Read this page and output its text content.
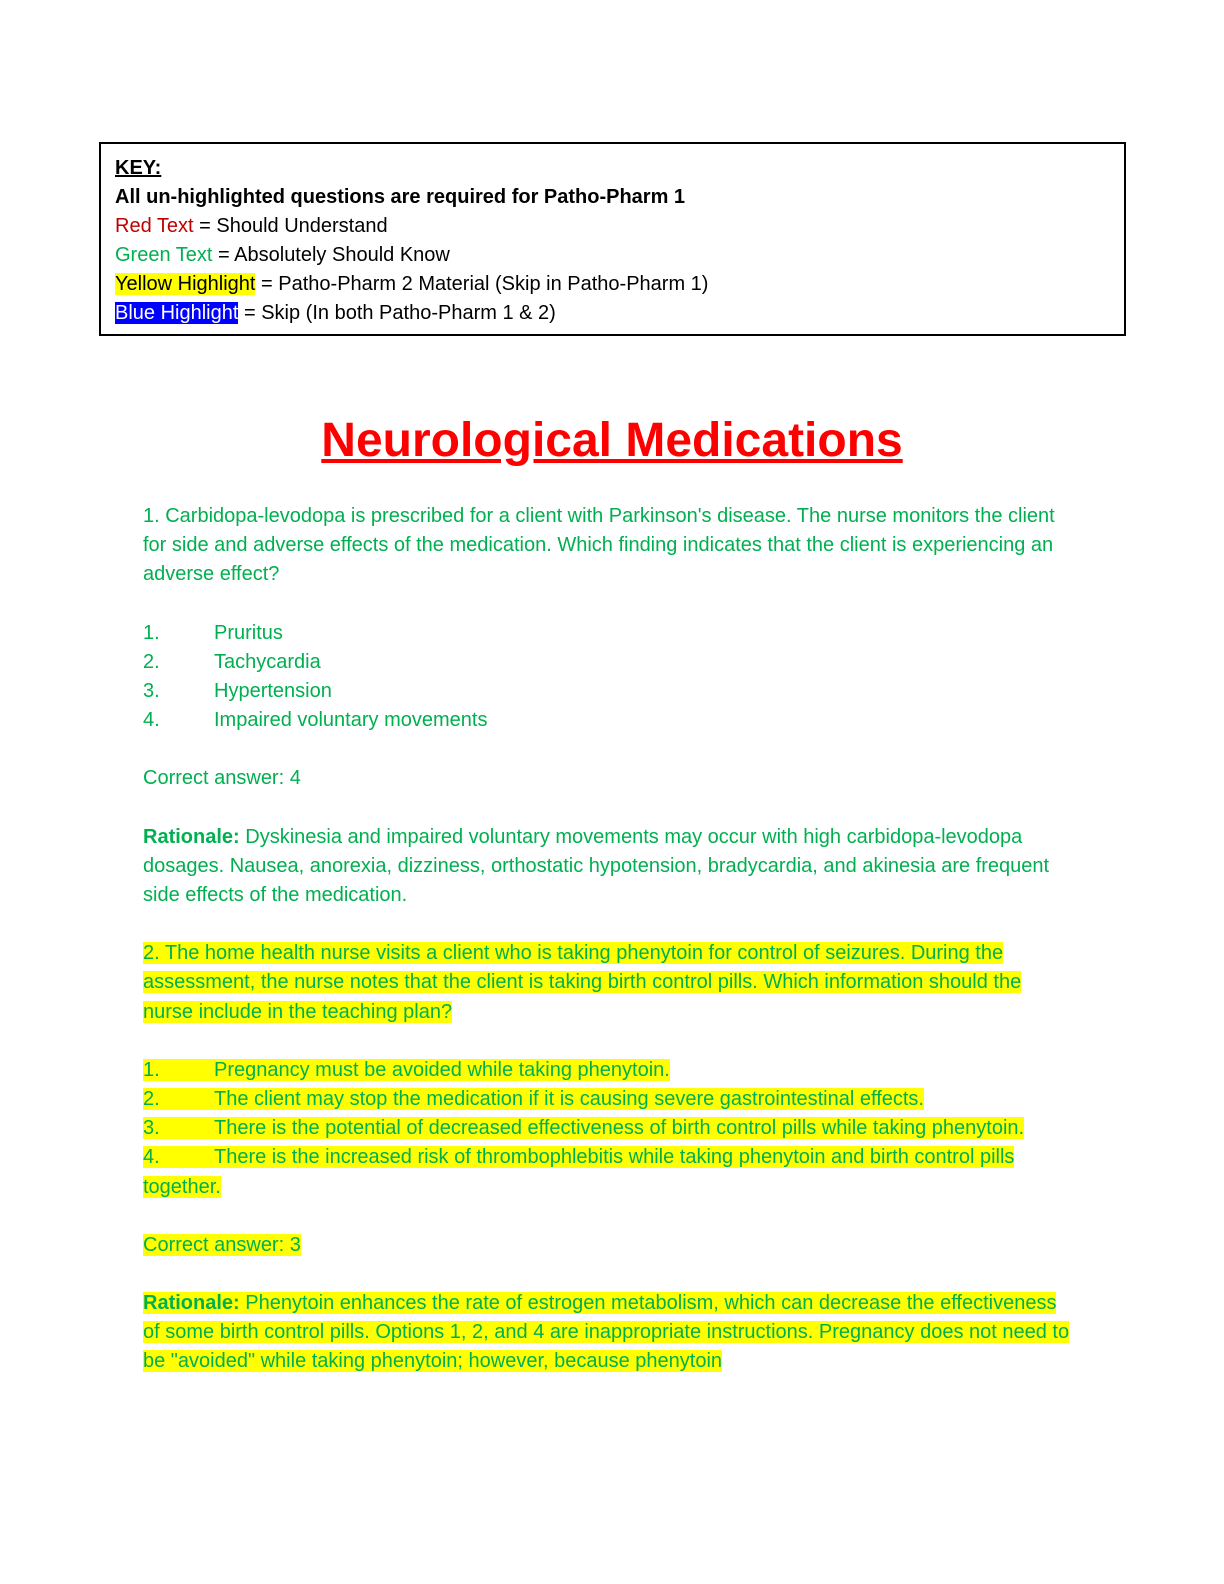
KEY:
All un-highlighted questions are required for Patho-Pharm 1
Red Text = Should Understand
Green Text = Absolutely Should Know
Yellow Highlight = Patho-Pharm 2 Material (Skip in Patho-Pharm 1)
Blue Highlight = Skip (In both Patho-Pharm 1 & 2)
Neurological Medications

1. Carbidopa-levodopa is prescribed for a client with Parkinson's disease. The nurse monitors the client for side and adverse effects of the medication. Which finding indicates that the client is experiencing an adverse effect?

1.	Pruritus
2.	Tachycardia
3.	Hypertension
4.	Impaired voluntary movements

Correct answer: 4

Rationale: Dyskinesia and impaired voluntary movements may occur with high carbidopa-levodopa dosages. Nausea, anorexia, dizziness, orthostatic hypotension, bradycardia, and akinesia are frequent side effects of the medication.

2. The home health nurse visits a client who is taking phenytoin for control of seizures. During the assessment, the nurse notes that the client is taking birth control pills. Which information should the nurse include in the teaching plan?

1.	Pregnancy must be avoided while taking phenytoin.
2.	The client may stop the medication if it is causing severe gastrointestinal effects.
3.	There is the potential of decreased effectiveness of birth control pills while taking phenytoin.
4.	There is the increased risk of thrombophlebitis while taking phenytoin and birth control pills together.

Correct answer: 3

Rationale: Phenytoin enhances the rate of estrogen metabolism, which can decrease the effectiveness of some birth control pills. Options 1, 2, and 4 are inappropriate instructions. Pregnancy does not need to be "avoided" while taking phenytoin; however, because phenytoin
